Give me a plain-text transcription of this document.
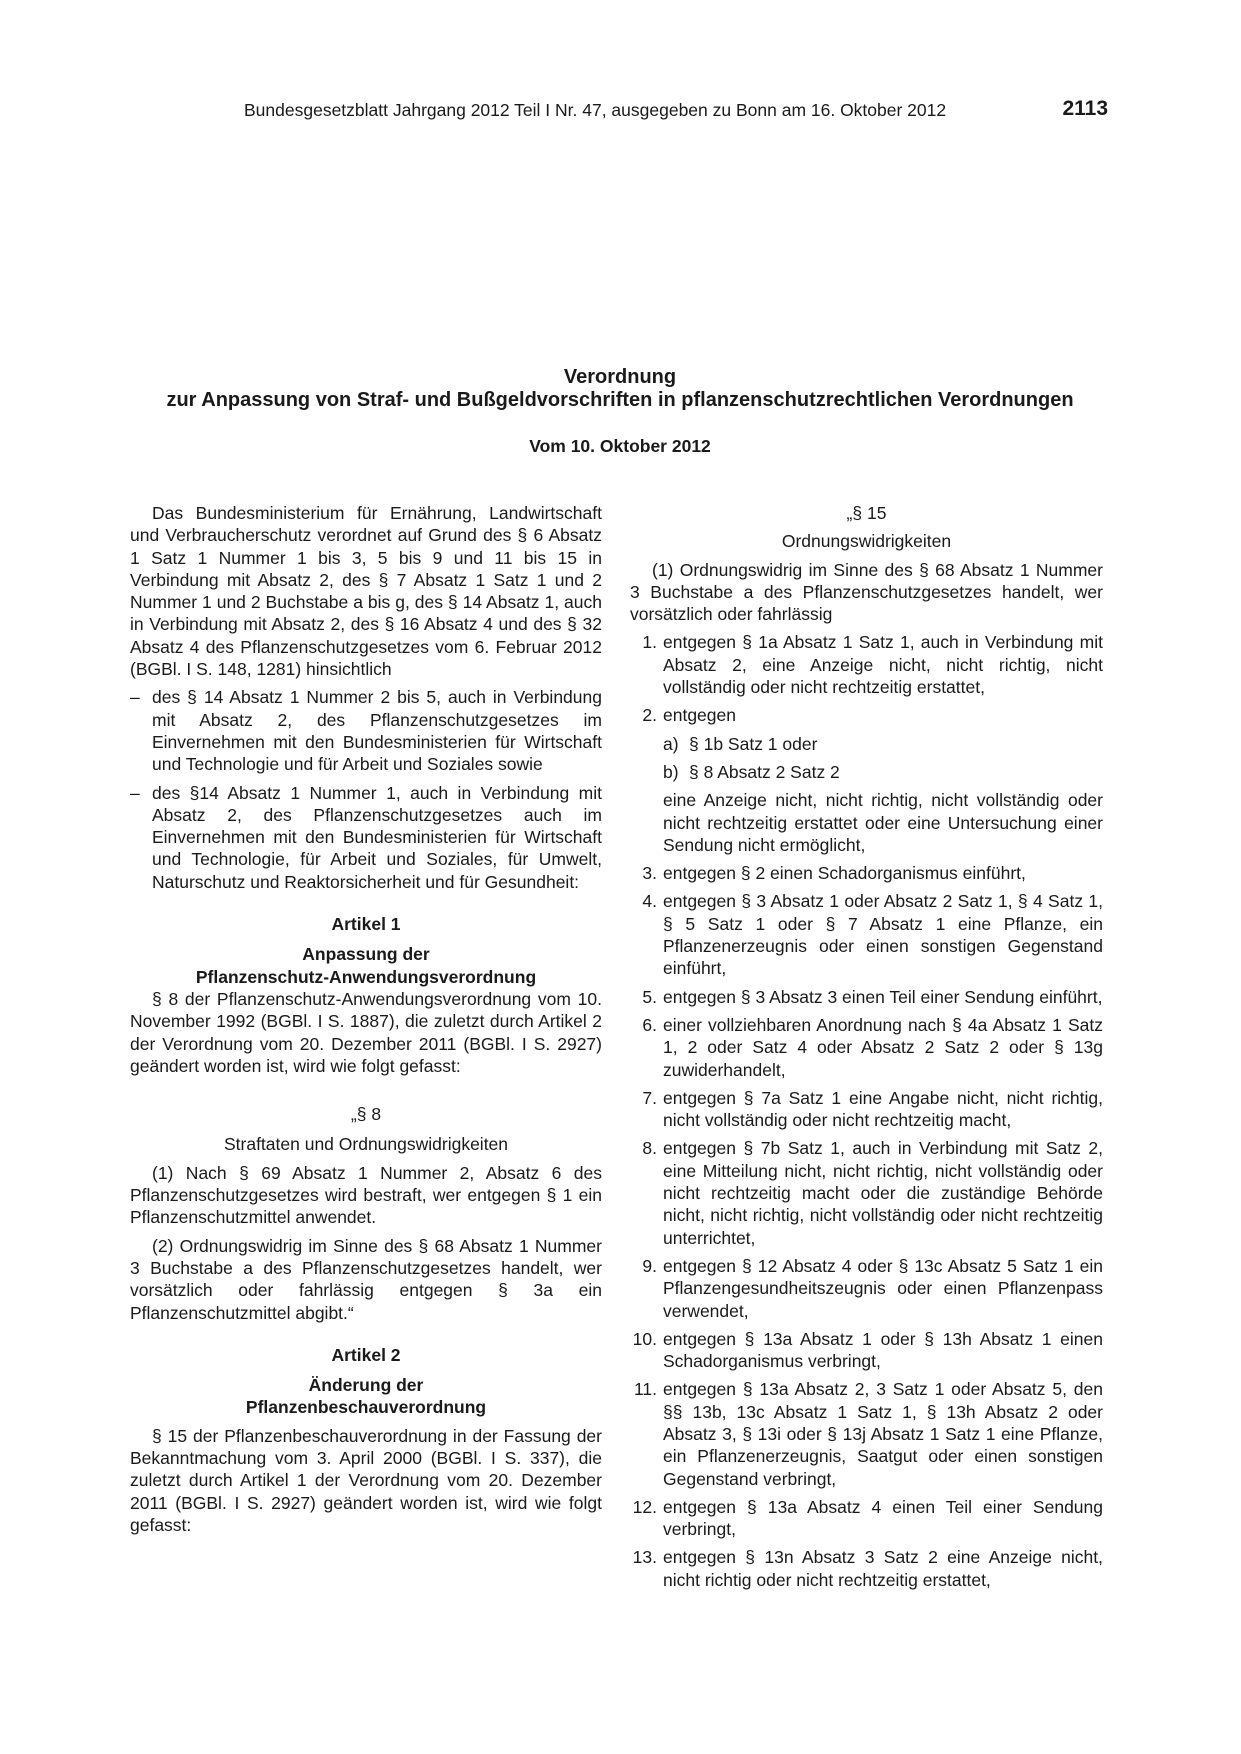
Bundesgesetzblatt Jahrgang 2012 Teil I Nr. 47, ausgegeben zu Bonn am 16. Oktober 2012	2113
Verordnung
zur Anpassung von Straf- und Bußgeldvorschriften in pflanzenschutzrechtlichen Verordnungen
Vom 10. Oktober 2012

Das Bundesministerium für Ernährung, Landwirtschaft und Verbraucherschutz verordnet auf Grund des § 6 Absatz 1 Satz 1 Nummer 1 bis 3, 5 bis 9 und 11 bis 15 in Verbindung mit Absatz 2, des § 7 Absatz 1 Satz 1 und 2 Nummer 1 und 2 Buchstabe a bis g, des § 14 Absatz 1, auch in Verbindung mit Absatz 2, des § 16 Absatz 4 und des § 32 Absatz 4 des Pflanzenschutzgesetzes vom 6. Februar 2012 (BGBl. I S. 148, 1281) hinsichtlich

– des § 14 Absatz 1 Nummer 2 bis 5, auch in Verbindung mit Absatz 2, des Pflanzenschutzgesetzes im Einvernehmen mit den Bundesministerien für Wirtschaft und Technologie und für Arbeit und Soziales sowie
– des §14 Absatz 1 Nummer 1, auch in Verbindung mit Absatz 2, des Pflanzenschutzgesetzes auch im Einvernehmen mit den Bundesministerien für Wirtschaft und Technologie, für Arbeit und Soziales, für Umwelt, Naturschutz und Reaktorsicherheit und für Gesundheit:

Artikel 1

Anpassung der

Pflanzenschutz-Anwendungsverordnung

§ 8 der Pflanzenschutz-Anwendungsverordnung vom 10. November 1992 (BGBl. I S. 1887), die zuletzt durch Artikel 2 der Verordnung vom 20. Dezember 2011 (BGBl. I S. 2927) geändert worden ist, wird wie folgt gefasst:

„§ 8

Straftaten und Ordnungswidrigkeiten

(1) Nach § 69 Absatz 1 Nummer 2, Absatz 6 des Pflanzenschutzgesetzes wird bestraft, wer entgegen § 1 ein Pflanzenschutzmittel anwendet.

(2) Ordnungswidrig im Sinne des § 68 Absatz 1 Nummer 3 Buchstabe a des Pflanzenschutzgesetzes handelt, wer vorsätzlich oder fahrlässig entgegen § 3a ein Pflanzenschutzmittel abgibt.“

Artikel 2

Änderung der

Pflanzenbeschauverordnung

§ 15 der Pflanzenbeschauverordnung in der Fassung der Bekanntmachung vom 3. April 2000 (BGBl. I S. 337), die zuletzt durch Artikel 1 der Verordnung vom 20. Dezember 2011 (BGBl. I S. 2927) geändert worden ist, wird wie folgt gefasst:

„§ 15

Ordnungswidrigkeiten

(1) Ordnungswidrig im Sinne des § 68 Absatz 1 Nummer 3 Buchstabe a des Pflanzenschutzgesetzes handelt, wer vorsätzlich oder fahrlässig

1. entgegen § 1a Absatz 1 Satz 1, auch in Verbindung mit Absatz 2, eine Anzeige nicht, nicht richtig, nicht vollständig oder nicht rechtzeitig erstattet,
2. entgegen
a) § 1b Satz 1 oder
b) § 8 Absatz 2 Satz 2

eine Anzeige nicht, nicht richtig, nicht vollständig oder nicht rechtzeitig erstattet oder eine Untersuchung einer Sendung nicht ermöglicht,

3. entgegen § 2 einen Schadorganismus einführt,
4. entgegen § 3 Absatz 1 oder Absatz 2 Satz 1, § 4 Satz 1, § 5 Satz 1 oder § 7 Absatz 1 eine Pflanze, ein Pflanzenerzeugnis oder einen sonstigen Gegenstand einführt,
5. entgegen § 3 Absatz 3 einen Teil einer Sendung einführt,
6. einer vollziehbaren Anordnung nach § 4a Absatz 1 Satz 1, 2 oder Satz 4 oder Absatz 2 Satz 2 oder § 13g zuwiderhandelt,
7. entgegen § 7a Satz 1 eine Angabe nicht, nicht richtig, nicht vollständig oder nicht rechtzeitig macht,
8. entgegen § 7b Satz 1, auch in Verbindung mit Satz 2, eine Mitteilung nicht, nicht richtig, nicht vollständig oder nicht rechtzeitig macht oder die zuständige Behörde nicht, nicht richtig, nicht vollständig oder nicht rechtzeitig unterrichtet,
9. entgegen § 12 Absatz 4 oder § 13c Absatz 5 Satz 1 ein Pflanzengesundheitszeugnis oder einen Pflanzenpass verwendet,
10. entgegen § 13a Absatz 1 oder § 13h Absatz 1 einen Schadorganismus verbringt,
11. entgegen § 13a Absatz 2, 3 Satz 1 oder Absatz 5, den §§ 13b, 13c Absatz 1 Satz 1, § 13h Absatz 2 oder Absatz 3, § 13i oder § 13j Absatz 1 Satz 1 eine Pflanze, ein Pflanzenerzeugnis, Saatgut oder einen sonstigen Gegenstand verbringt,
12. entgegen § 13a Absatz 4 einen Teil einer Sendung verbringt,
13. entgegen § 13n Absatz 3 Satz 2 eine Anzeige nicht, nicht richtig oder nicht rechtzeitig erstattet,
